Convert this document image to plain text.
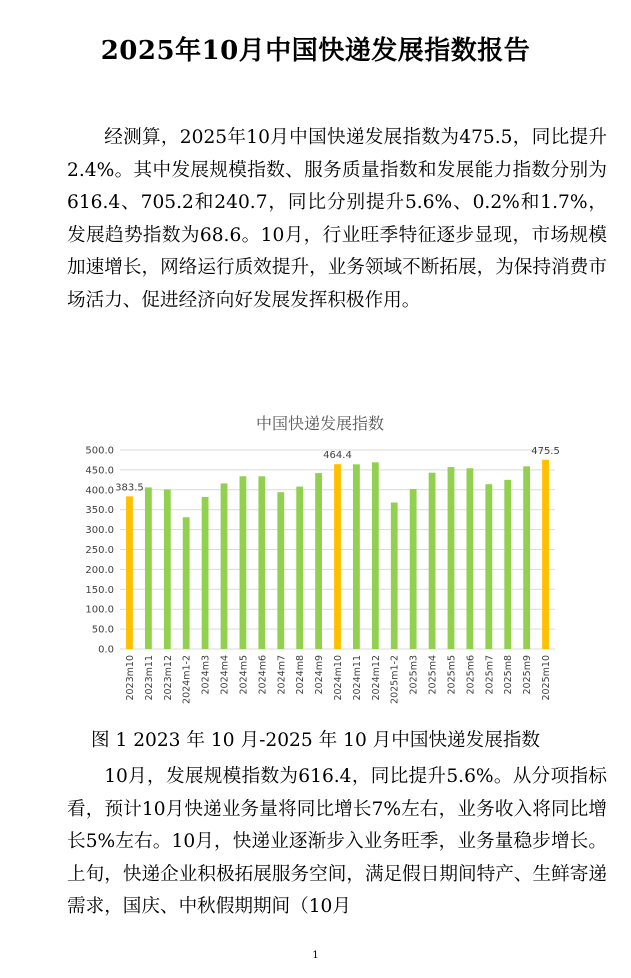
2025年10月中国快递发展指数报告

经测算，2025年10月中国快递发展指数为475.5，同比提升2.4%。其中发展规模指数、服务质量指数和发展能力指数分别为616.4、705.2和240.7，同比分别提升5.6%、0.2%和1.7%，发展趋势指数为68.6。10月，行业旺季特征逐步显现，市场规模加速增长，网络运行质效提升，业务领域不断拓展，为保持消费市场活力、促进经济向好发展发挥积极作用。

中国快递发展指数
0.0
50.0
100.0
150.0
200.0
250.0
300.0
350.0
400.0
450.0
500.0
383.5
464.4	475.5
2023m10 2023m11 2023m12 2024m1-2 2024m3 2024m4 2024m5 2024m6 2024m7 2024m8 2024m9 2024m10 2024m11 2024m12 2025m1-2 2025m3 2025m4 2025m5 2025m6 2025m7 2025m8 2025m9 2025m10
图 1 2023 年 10 月-2025 年 10 月中国快递发展指数

10月，发展规模指数为616.4，同比提升5.6%。从分项指标看，预计10月快递业务量将同比增长7%左右，业务收入将同比增长5%左右。10月，快递业逐渐步入业务旺季，业务量稳步增长。上旬，快递企业积极拓展服务空间，满足假日期间特产、生鲜寄递需求，国庆、中秋假期期间（10月

1
